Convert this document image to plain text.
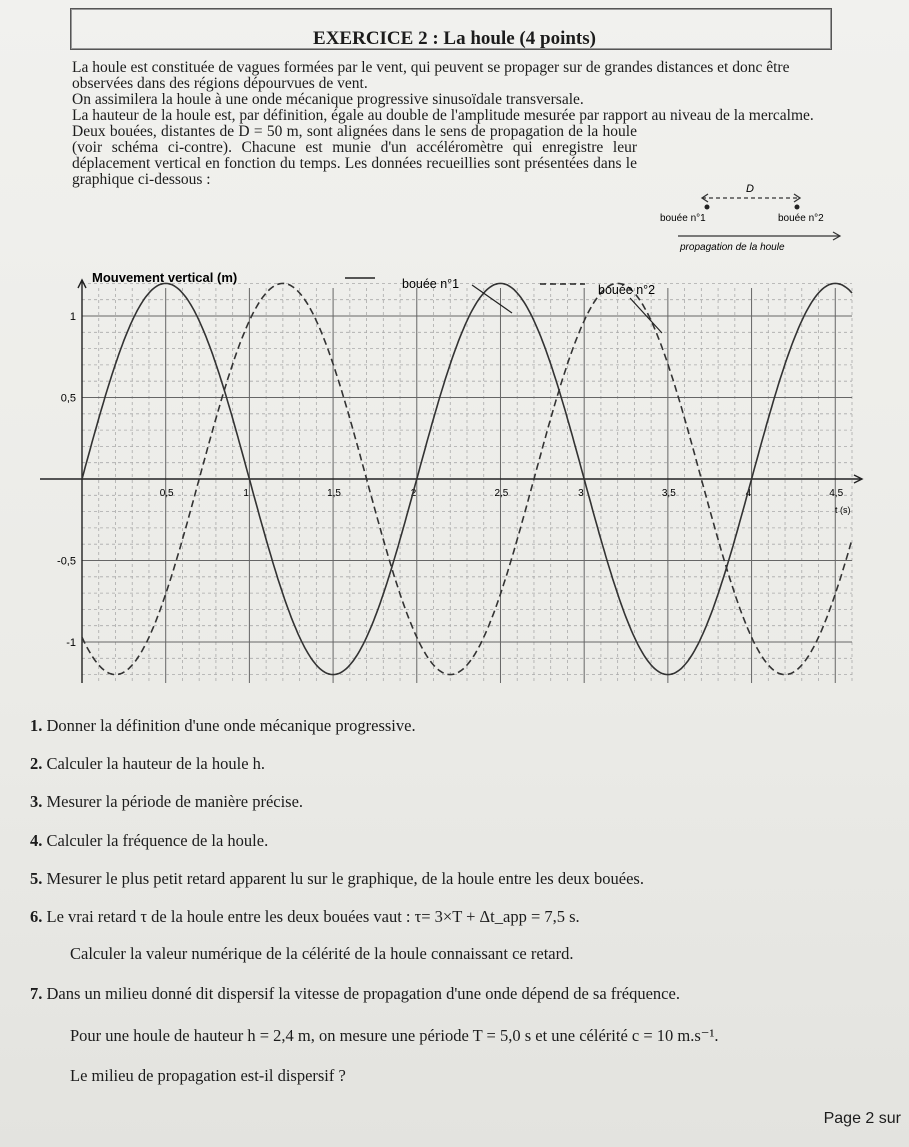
EXERCICE 2 : La houle (4 points)

La houle est constituée de vagues formées par le vent, qui peuvent se propager sur de grandes distances et donc être observées dans des régions dépourvues de vent.

On assimilera la houle à une onde mécanique progressive sinusoïdale transversale.

La hauteur de la houle est, par définition, égale au double de l'amplitude mesurée par rapport au niveau de la mercalme.

Deux bouées, distantes de D = 50 m, sont alignées dans le sens de propagation de la houle (voir schéma ci-contre). Chacune est munie d'un accéléromètre qui enregistre leur déplacement vertical en fonction du temps. Les données recueillies sont présentées dans le graphique ci-dessous :

D
bouée n°1	bouée n°2
propagation de la houle
0,5	1	1,5	2	2,5	3	3,5	4	4,5
1
0,5
-0,5
-1
bouée n°1	bouée n°2
Mouvement vertical (m)
t (s)
1. Donner la définition d'une onde mécanique progressive.
2. Calculer la hauteur de la houle h.
3. Mesurer la période de manière précise.
4. Calculer la fréquence de la houle.
5. Mesurer le plus petit retard apparent lu sur le graphique, de la houle entre les deux bouées.
6. Le vrai retard τ de la houle entre les deux bouées vaut : τ= 3×T + Δt_app = 7,5 s.
Calculer la valeur numérique de la célérité de la houle connaissant ce retard.
7. Dans un milieu donné dit dispersif la vitesse de propagation d'une onde dépend de sa fréquence.
Pour une houle de hauteur h = 2,4 m, on mesure une période T = 5,0 s et une célérité c = 10 m.s⁻¹.
Le milieu de propagation est-il dispersif ?
Page 2 sur
